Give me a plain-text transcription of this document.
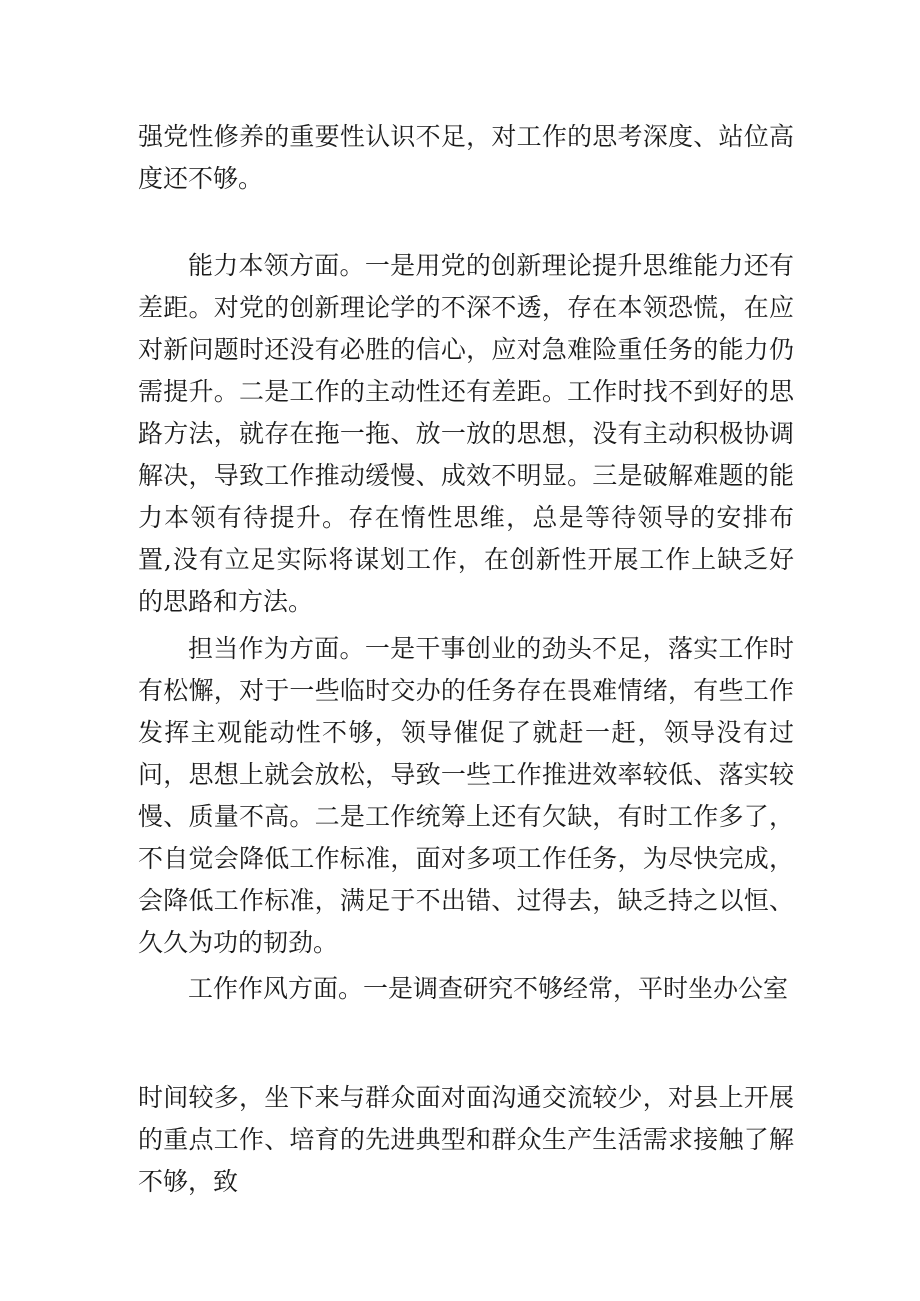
强党性修养的重要性认识不足，对工作的思考深度、站位高度还不够。

能力本领方面。一是用党的创新理论提升思维能力还有差距。对党的创新理论学的不深不透，存在本领恐慌，在应对新问题时还没有必胜的信心，应对急难险重任务的能力仍需提升。二是工作的主动性还有差距。工作时找不到好的思路方法，就存在拖一拖、放一放的思想，没有主动积极协调解决，导致工作推动缓慢、成效不明显。三是破解难题的能力本领有待提升。存在惰性思维，总是等待领导的安排布置,没有立足实际将谋划工作，在创新性开展工作上缺乏好的思路和方法。

担当作为方面。一是干事创业的劲头不足，落实工作时有松懈，对于一些临时交办的任务存在畏难情绪，有些工作发挥主观能动性不够，领导催促了就赶一赶，领导没有过问，思想上就会放松，导致一些工作推进效率较低、落实较慢、质量不高。二是工作统筹上还有欠缺，有时工作多了，不自觉会降低工作标准，面对多项工作任务，为尽快完成，会降低工作标准，满足于不出错、过得去，缺乏持之以恒、久久为功的韧劲。

工作作风方面。一是调查研究不够经常，平时坐办公室

时间较多，坐下来与群众面对面沟通交流较少，对县上开展的重点工作、培育的先进典型和群众生产生活需求接触了解不够，致
